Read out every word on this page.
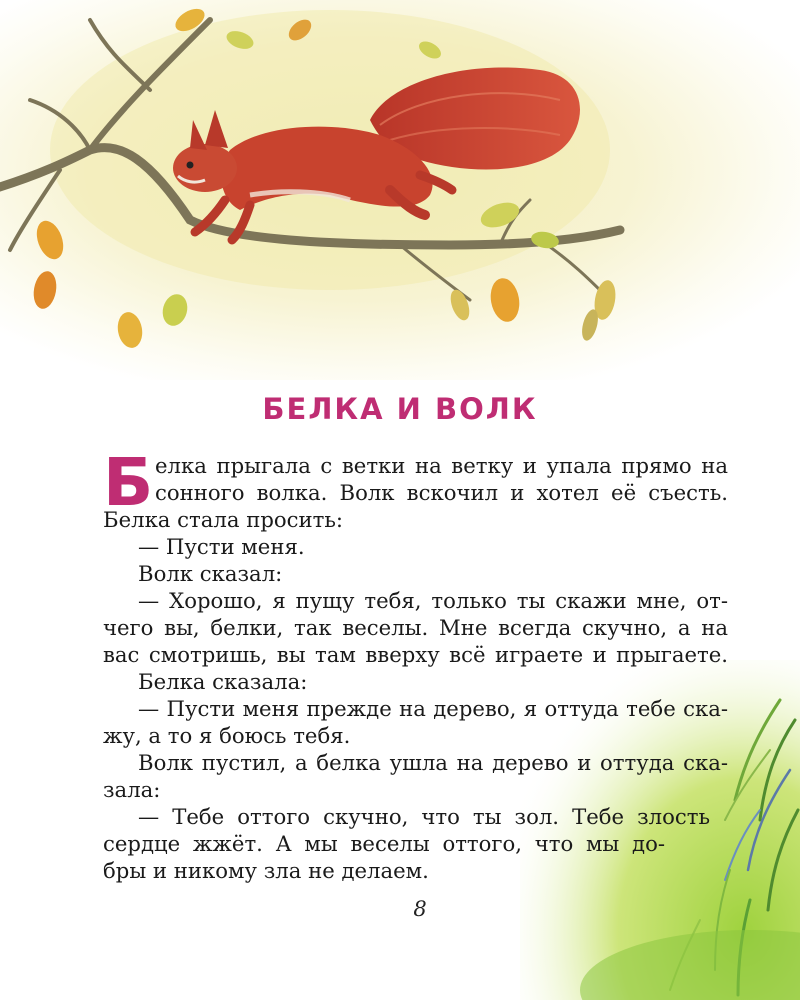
БЕЛКА И ВОЛК
Б елка прыгала с ветки на ветку и упала прямо на
сонного волка. Волк вскочил и хотел её съесть.
Белка стала просить:
— Пусти меня.
Волк сказал:
— Хорошо, я пущу тебя, только ты скажи мне, от-
чего вы, белки, так веселы. Мне всегда скучно, а на
вас смотришь, вы там вверху всё играете и прыгаете.
Белка сказала:
— Пусти меня прежде на дерево, я оттуда тебе ска-
жу, а то я боюсь тебя.
Волк пустил, а белка ушла на дерево и оттуда ска-
зала:
— Тебе оттого скучно, что ты зол. Тебе злость
сердце жжёт. А мы веселы оттого, что мы до-
бры и никому зла не делаем.
8
